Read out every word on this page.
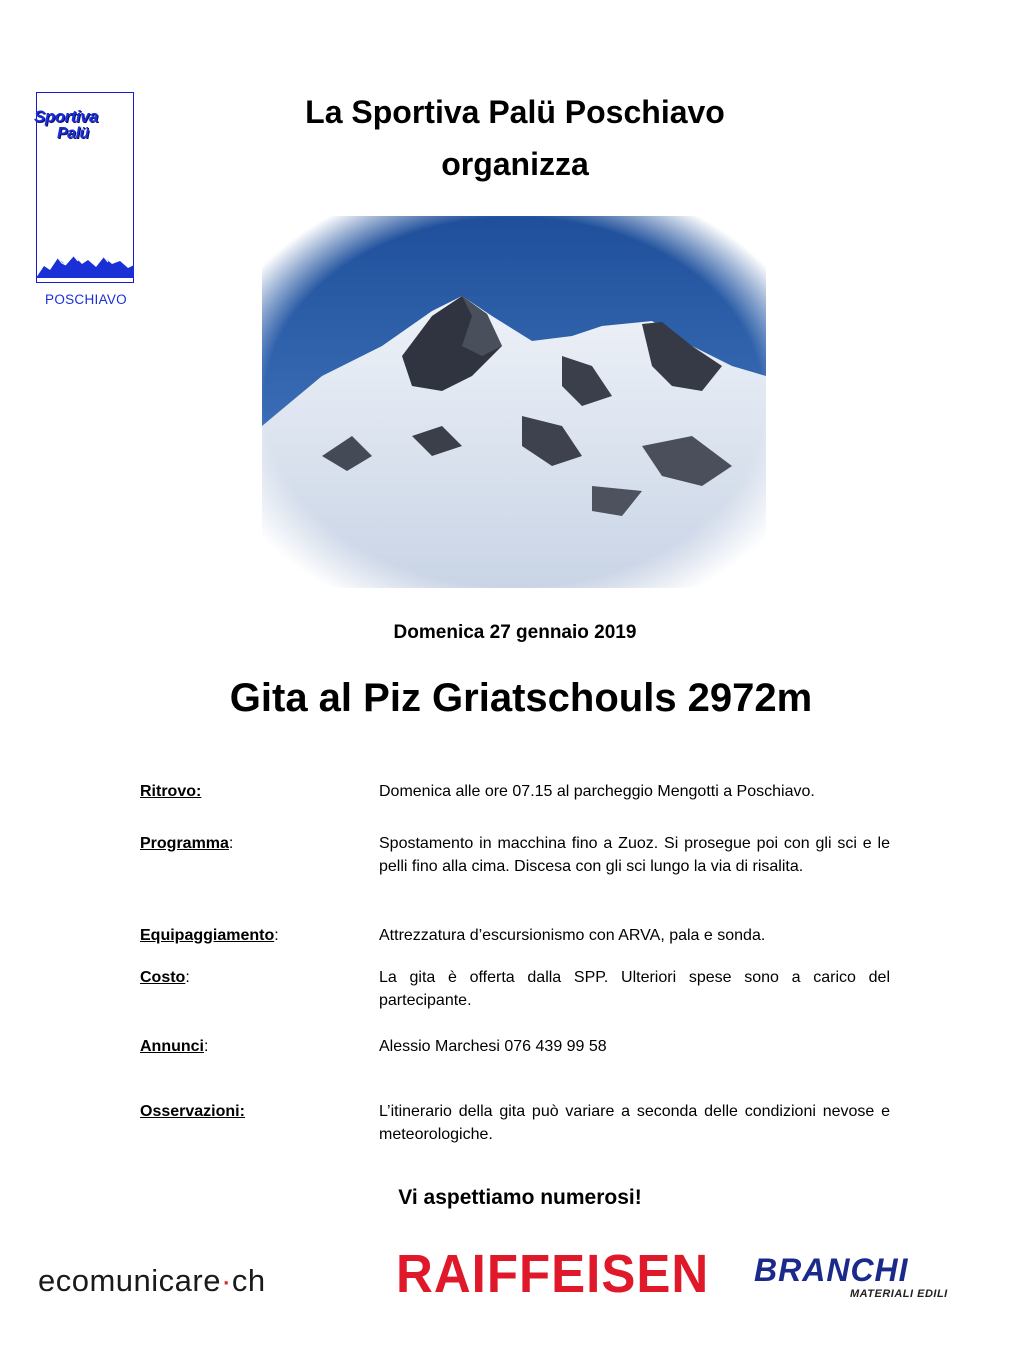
Sportiva
Palü
POSCHIAVO
La Sportiva Palü Poschiavo
organizza
Domenica 27 gennaio 2019
Gita al Piz Griatschouls 2972m
Ritrovo:	Domenica alle ore 07.15 al parcheggio Mengotti a Poschiavo.
Programma:	Spostamento in macchina fino a Zuoz. Si prosegue poi con gli sci e le pelli fino alla cima. Discesa con gli sci lungo la via di risalita.
Equipaggiamento:	Attrezzatura d’escursionismo con ARVA, pala e sonda.
Costo:	La gita è offerta dalla SPP. Ulteriori spese sono a carico del partecipante.
Annunci:	Alessio Marchesi 076 439 99 58
Osservazioni:	L’itinerario della gita può variare a seconda delle condizioni nevose e meteorologiche.
Vi aspettiamo numerosi!
ecomunicare·ch	RAIFFEISEN BRANCHI
MATERIALI EDILI
